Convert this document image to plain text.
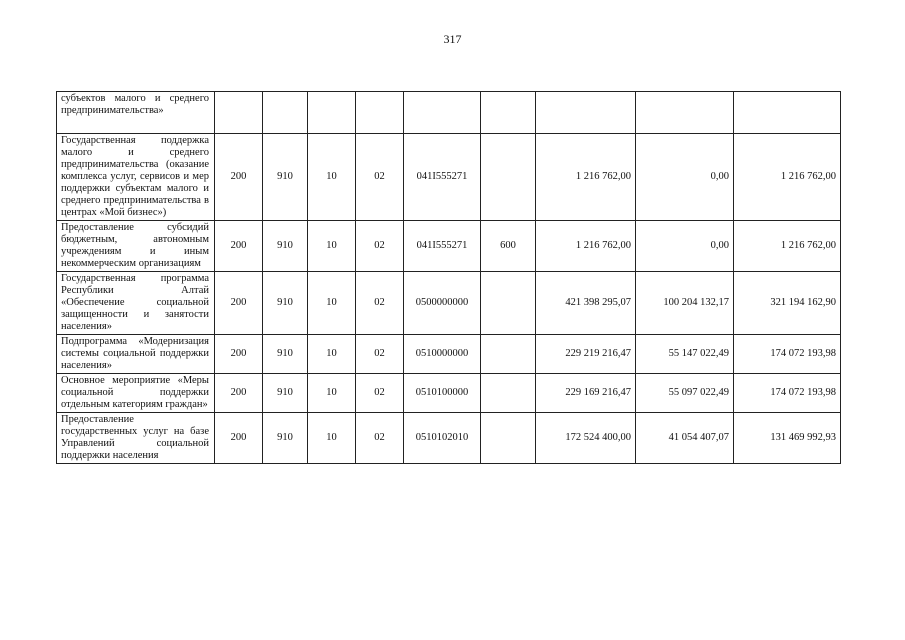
317
субъектов малого и среднего предпринимательства»									
Государственная поддержка малого и среднего предпринимательства (оказание комплекса услуг, сервисов и мер поддержки субъектам малого и среднего предпринимательства в центрах «Мой бизнес»)	200	910	10	02	041I555271		1 216 762,00	0,00	1 216 762,00
Предоставление субсидий бюджетным, автономным учреждениям и иным некоммерческим организациям	200	910	10	02	041I555271	600	1 216 762,00	0,00	1 216 762,00
Государственная программа Республики Алтай «Обеспечение социальной защищенности и занятости населения»	200	910	10	02	0500000000		421 398 295,07	100 204 132,17	321 194 162,90
Подпрограмма «Модернизация системы социальной поддержки населения»	200	910	10	02	0510000000		229 219 216,47	55 147 022,49	174 072 193,98
Основное мероприятие «Меры социальной поддержки отдельным категориям граждан»	200	910	10	02	0510100000		229 169 216,47	55 097 022,49	174 072 193,98
Предоставление государственных услуг на базе Управлений социальной поддержки населения	200	910	10	02	0510102010		172 524 400,00	41 054 407,07	131 469 992,93
